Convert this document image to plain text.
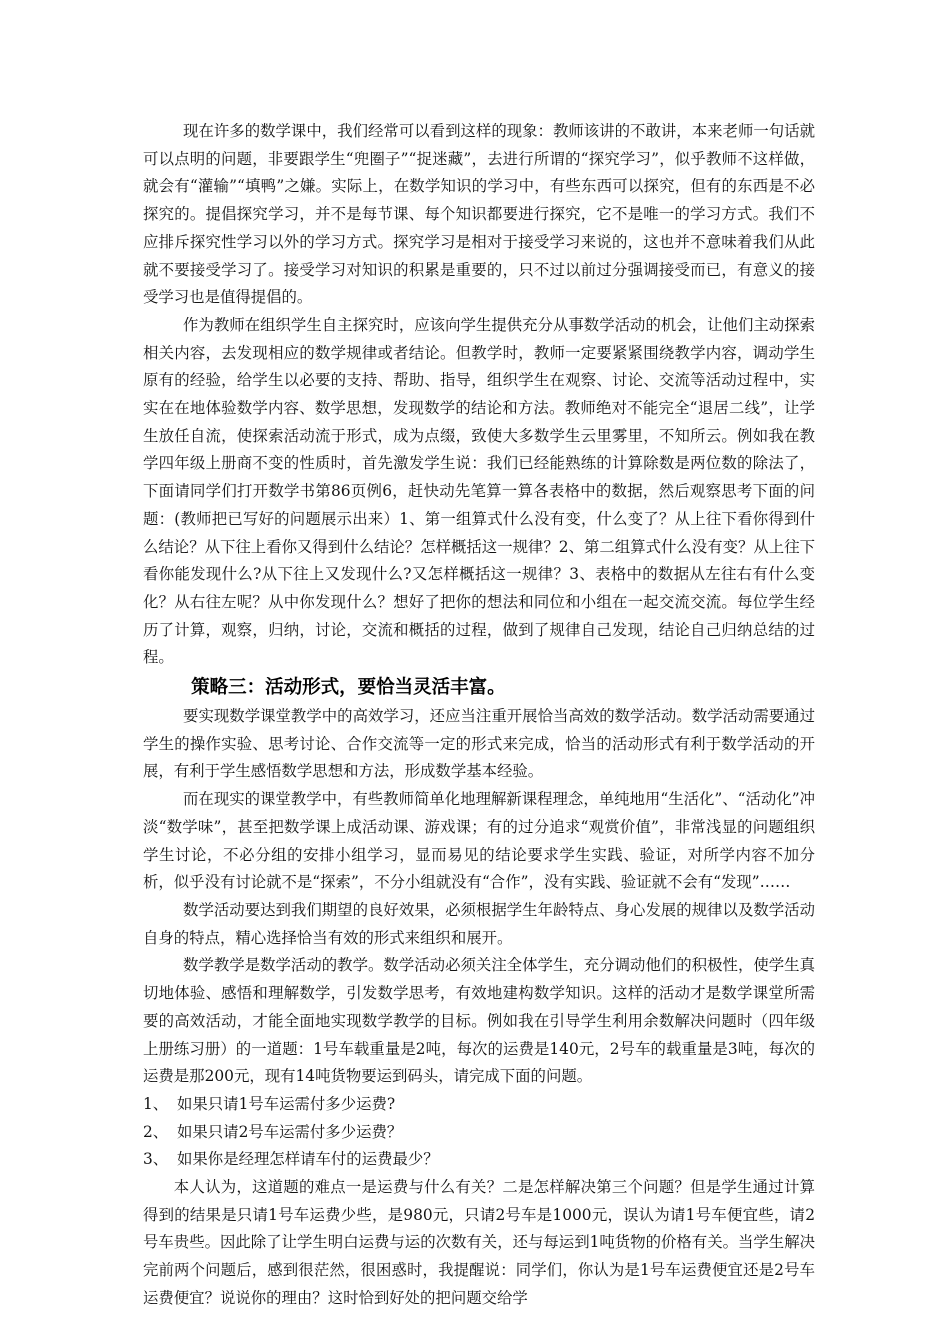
现在许多的数学课中，我们经常可以看到这样的现象：教师该讲的不敢讲，本来老师一句话就可以点明的问题，非要跟学生“兜圈子”“捉迷藏”，去进行所谓的“探究学习”，似乎教师不这样做，就会有“灌输”“填鸭”之嫌。实际上，在数学知识的学习中，有些东西可以探究，但有的东西是不必探究的。提倡探究学习，并不是每节课、每个知识都要进行探究，它不是唯一的学习方式。我们不应排斥探究性学习以外的学习方式。探究学习是相对于接受学习来说的，这也并不意味着我们从此就不要接受学习了。接受学习对知识的积累是重要的，只不过以前过分强调接受而已，有意义的接受学习也是值得提倡的。

作为教师在组织学生自主探究时，应该向学生提供充分从事数学活动的机会，让他们主动探索相关内容，去发现相应的数学规律或者结论。但教学时，教师一定要紧紧围绕教学内容，调动学生原有的经验，给学生以必要的支持、帮助、指导，组织学生在观察、讨论、交流等活动过程中，实实在在地体验数学内容、数学思想，发现数学的结论和方法。教师绝对不能完全“退居二线”，让学生放任自流，使探索活动流于形式，成为点缀，致使大多数学生云里雾里，不知所云。例如我在教学四年级上册商不变的性质时，首先激发学生说：我们已经能熟练的计算除数是两位数的除法了，下面请同学们打开数学书第86页例6，赶快动先笔算一算各表格中的数据，然后观察思考下面的问题：(教师把已写好的问题展示出来）1、第一组算式什么没有变，什么变了？从上往下看你得到什么结论？从下往上看你又得到什么结论？怎样概括这一规律？2、第二组算式什么没有变？从上往下看你能发现什么?从下往上又发现什么?又怎样概括这一规律？3、表格中的数据从左往右有什么变化？从右往左呢？从中你发现什么？想好了把你的想法和同位和小组在一起交流交流。每位学生经历了计算，观察，归纳，讨论，交流和概括的过程，做到了规律自己发现，结论自己归纳总结的过程。

策略三：活动形式，要恰当灵活丰富。

要实现数学课堂教学中的高效学习，还应当注重开展恰当高效的数学活动。数学活动需要通过学生的操作实验、思考讨论、合作交流等一定的形式来完成，恰当的活动形式有利于数学活动的开展，有利于学生感悟数学思想和方法，形成数学基本经验。

而在现实的课堂教学中，有些教师简单化地理解新课程理念，单纯地用“生活化”、“活动化”冲淡“数学味”，甚至把数学课上成活动课、游戏课；有的过分追求“观赏价值”，非常浅显的问题组织学生讨论，不必分组的安排小组学习，显而易见的结论要求学生实践、验证，对所学内容不加分析，似乎没有讨论就不是“探索”，不分小组就没有“合作”，没有实践、验证就不会有“发现”……

数学活动要达到我们期望的良好效果，必须根据学生年龄特点、身心发展的规律以及数学活动自身的特点，精心选择恰当有效的形式来组织和展开。

数学教学是数学活动的教学。数学活动必须关注全体学生，充分调动他们的积极性，使学生真切地体验、感悟和理解数学，引发数学思考，有效地建构数学知识。这样的活动才是数学课堂所需要的高效活动，才能全面地实现数学教学的目标。例如我在引导学生利用余数解决问题时（四年级上册练习册）的一道题：1号车载重量是2吨，每次的运费是140元，2号车的载重量是3吨，每次的运费是那200元，现有14吨货物要运到码头，请完成下面的问题。

1、 如果只请1号车运需付多少运费?
2、 如果只请2号车运需付多少运费？
3、 如果你是经理怎样请车付的运费最少？

本人认为，这道题的难点一是运费与什么有关？二是怎样解决第三个问题？但是学生通过计算得到的结果是只请1号车运费少些，是980元，只请2号车是1000元，误认为请1号车便宜些，请2号车贵些。因此除了让学生明白运费与运的次数有关，还与每运到1吨货物的价格有关。当学生解决完前两个问题后，感到很茫然，很困惑时，我提醒说：同学们，你认为是1号车运费便宜还是2号车运费便宜？说说你的理由？这时恰到好处的把问题交给学
